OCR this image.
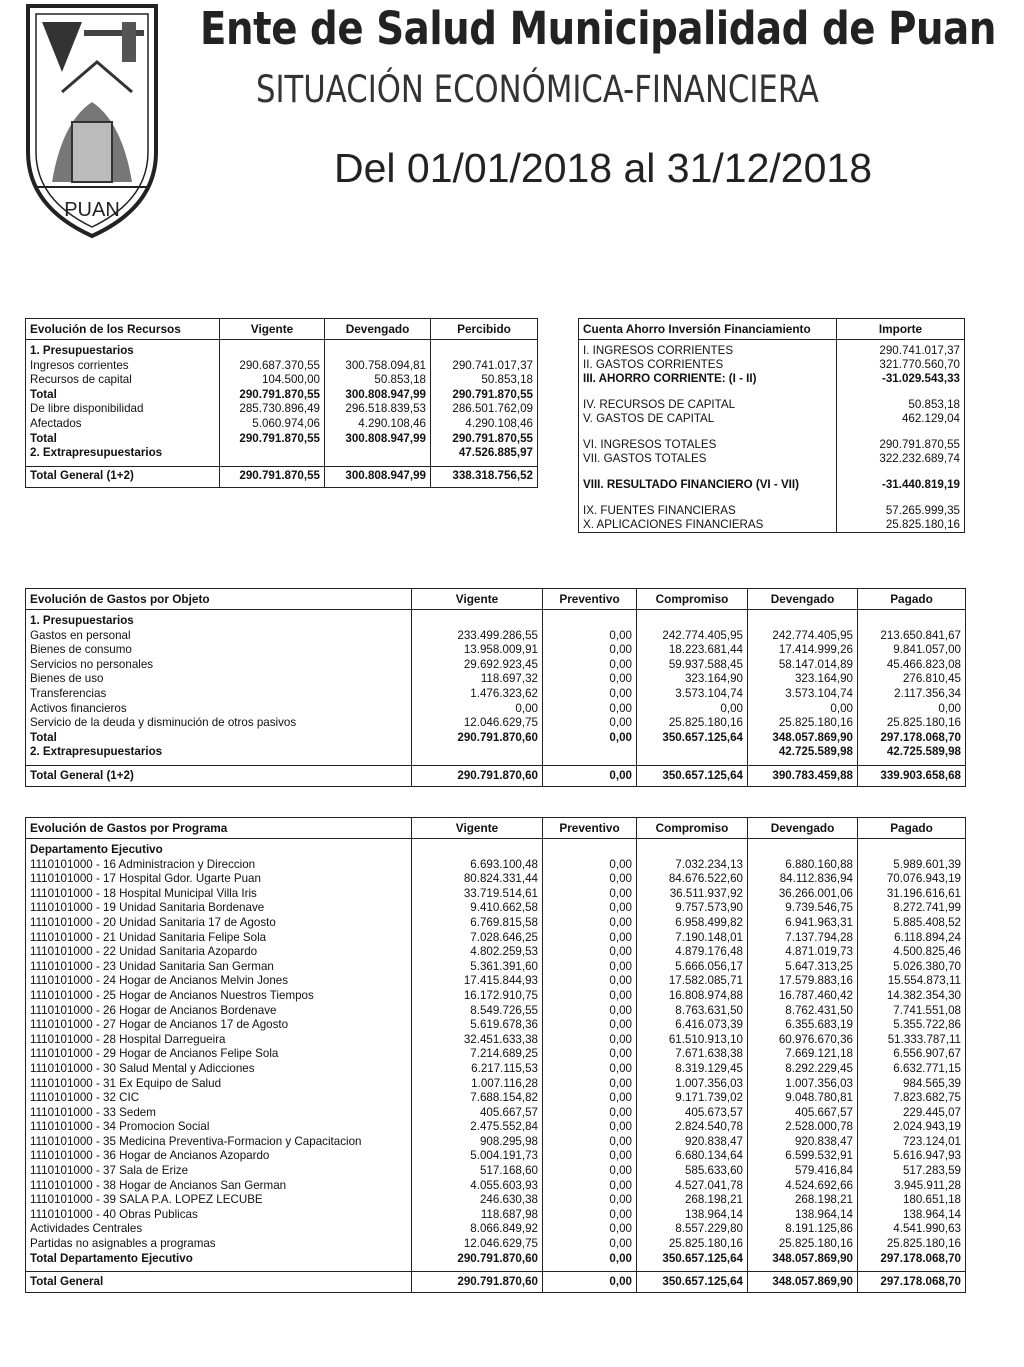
PUAN
Ente de Salud Municipalidad de Puan
SITUACIÓN ECONÓMICA-FINANCIERA
Del 01/01/2018 al 31/12/2018
Evolución de los Recursos	Vigente	Devengado	Percibido
1. Presupuestarios			
Ingresos corrientes	290.687.370,55	300.758.094,81	290.741.017,37
Recursos de capital	104.500,00	50.853,18	50.853,18
Total	290.791.870,55	300.808.947,99	290.791.870,55
De libre disponibilidad	285.730.896,49	296.518.839,53	286.501.762,09
Afectados	5.060.974,06	4.290.108,46	4.290.108,46
Total	290.791.870,55	300.808.947,99	290.791.870,55
2. Extrapresupuestarios			47.526.885,97

Total General (1+2)	290.791.870,55	300.808.947,99	338.318.756,52
Cuenta Ahorro Inversión Financiamiento	Importe
I. INGRESOS CORRIENTES	290.741.017,37
II. GASTOS CORRIENTES	321.770.560,70
III. AHORRO CORRIENTE: (I - II)	-31.029.543,33

IV. RECURSOS DE CAPITAL	50.853,18
V. GASTOS DE CAPITAL	462.129,04

VI. INGRESOS TOTALES	290.791.870,55
VII. GASTOS TOTALES	322.232.689,74

VIII. RESULTADO FINANCIERO (VI - VII)	-31.440.819,19

IX. FUENTES FINANCIERAS	57.265.999,35
X. APLICACIONES FINANCIERAS	25.825.180,16
Evolución de Gastos por Objeto	Vigente	Preventivo	Compromiso	Devengado	Pagado
1. Presupuestarios					
Gastos en personal	233.499.286,55	0,00	242.774.405,95	242.774.405,95	213.650.841,67
Bienes de consumo	13.958.009,91	0,00	18.223.681,44	17.414.999,26	9.841.057,00
Servicios no personales	29.692.923,45	0,00	59.937.588,45	58.147.014,89	45.466.823,08
Bienes de uso	118.697,32	0,00	323.164,90	323.164,90	276.810,45
Transferencias	1.476.323,62	0,00	3.573.104,74	3.573.104,74	2.117.356,34
Activos financieros	0,00	0,00	0,00	0,00	0,00
Servicio de la deuda y disminución de otros pasivos	12.046.629,75	0,00	25.825.180,16	25.825.180,16	25.825.180,16
Total	290.791.870,60	0,00	350.657.125,64	348.057.869,90	297.178.068,70
2. Extrapresupuestarios				42.725.589,98	42.725.589,98

Total General (1+2)	290.791.870,60	0,00	350.657.125,64	390.783.459,88	339.903.658,68
Evolución de Gastos por Programa	Vigente	Preventivo	Compromiso	Devengado	Pagado
Departamento Ejecutivo					
1110101000 - 16 Administracion y Direccion	6.693.100,48	0,00	7.032.234,13	6.880.160,88	5.989.601,39
1110101000 - 17 Hospital Gdor. Ugarte Puan	80.824.331,44	0,00	84.676.522,60	84.112.836,94	70.076.943,19
1110101000 - 18 Hospital Municipal Villa Iris	33.719.514,61	0,00	36.511.937,92	36.266.001,06	31.196.616,61
1110101000 - 19 Unidad Sanitaria Bordenave	9.410.662,58	0,00	9.757.573,90	9.739.546,75	8.272.741,99
1110101000 - 20 Unidad Sanitaria 17 de Agosto	6.769.815,58	0,00	6.958.499,82	6.941.963,31	5.885.408,52
1110101000 - 21 Unidad Sanitaria Felipe Sola	7.028.646,25	0,00	7.190.148,01	7.137.794,28	6.118.894,24
1110101000 - 22 Unidad Sanitaria Azopardo	4.802.259,53	0,00	4.879.176,48	4.871.019,73	4.500.825,46
1110101000 - 23 Unidad Sanitaria San German	5.361.391,60	0,00	5.666.056,17	5.647.313,25	5.026.380,70
1110101000 - 24 Hogar de Ancianos Melvin Jones	17.415.844,93	0,00	17.582.085,71	17.579.883,16	15.554.873,11
1110101000 - 25 Hogar de Ancianos Nuestros Tiempos	16.172.910,75	0,00	16.808.974,88	16.787.460,42	14.382.354,30
1110101000 - 26 Hogar de Ancianos Bordenave	8.549.726,55	0,00	8.763.631,50	8.762.431,50	7.741.551,08
1110101000 - 27 Hogar de Ancianos 17 de Agosto	5.619.678,36	0,00	6.416.073,39	6.355.683,19	5.355.722,86
1110101000 - 28 Hospital Darregueira	32.451.633,38	0,00	61.510.913,10	60.976.670,36	51.333.787,11
1110101000 - 29 Hogar de Ancianos Felipe Sola	7.214.689,25	0,00	7.671.638,38	7.669.121,18	6.556.907,67
1110101000 - 30 Salud Mental y Adicciones	6.217.115,53	0,00	8.319.129,45	8.292.229,45	6.632.771,15
1110101000 - 31 Ex Equipo de Salud	1.007.116,28	0,00	1.007.356,03	1.007.356,03	984.565,39
1110101000 - 32 CIC	7.688.154,82	0,00	9.171.739,02	9.048.780,81	7.823.682,75
1110101000 - 33 Sedem	405.667,57	0,00	405.673,57	405.667,57	229.445,07
1110101000 - 34 Promocion Social	2.475.552,84	0,00	2.824.540,78	2.528.000,78	2.024.943,19
1110101000 - 35 Medicina Preventiva-Formacion y Capacitacion	908.295,98	0,00	920.838,47	920.838,47	723.124,01
1110101000 - 36 Hogar de Ancianos Azopardo	5.004.191,73	0,00	6.680.134,64	6.599.532,91	5.616.947,93
1110101000 - 37 Sala de Erize	517.168,60	0,00	585.633,60	579.416,84	517.283,59
1110101000 - 38 Hogar de Ancianos San German	4.055.603,93	0,00	4.527.041,78	4.524.692,66	3.945.911,28
1110101000 - 39 SALA P.A. LOPEZ LECUBE	246.630,38	0,00	268.198,21	268.198,21	180.651,18
1110101000 - 40 Obras Publicas	118.687,98	0,00	138.964,14	138.964,14	138.964,14
Actividades Centrales	8.066.849,92	0,00	8.557.229,80	8.191.125,86	4.541.990,63
Partidas no asignables a programas	12.046.629,75	0,00	25.825.180,16	25.825.180,16	25.825.180,16
Total Departamento Ejecutivo	290.791.870,60	0,00	350.657.125,64	348.057.869,90	297.178.068,70

Total General	290.791.870,60	0,00	350.657.125,64	348.057.869,90	297.178.068,70
